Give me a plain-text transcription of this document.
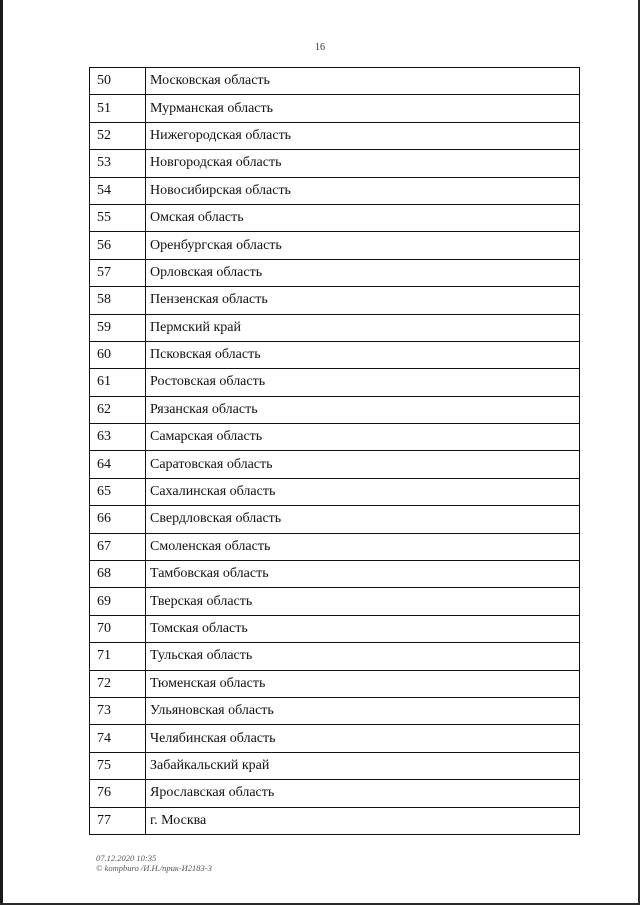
16
50	Московская область
51	Мурманская область
52	Нижегородская область
53	Новгородская область
54	Новосибирская область
55	Омская область
56	Оренбургская область
57	Орловская область
58	Пензенская область
59	Пермский край
60	Псковская область
61	Ростовская область
62	Рязанская область
63	Самарская область
64	Саратовская область
65	Сахалинская область
66	Свердловская область
67	Смоленская область
68	Тамбовская область
69	Тверская область
70	Томская область
71	Тульская область
72	Тюменская область
73	Ульяновская область
74	Челябинская область
75	Забайкальский край
76	Ярославская область
77	г. Москва
07.12.2020 10:35
© kompburo /И.Н./прик-И2183-3
